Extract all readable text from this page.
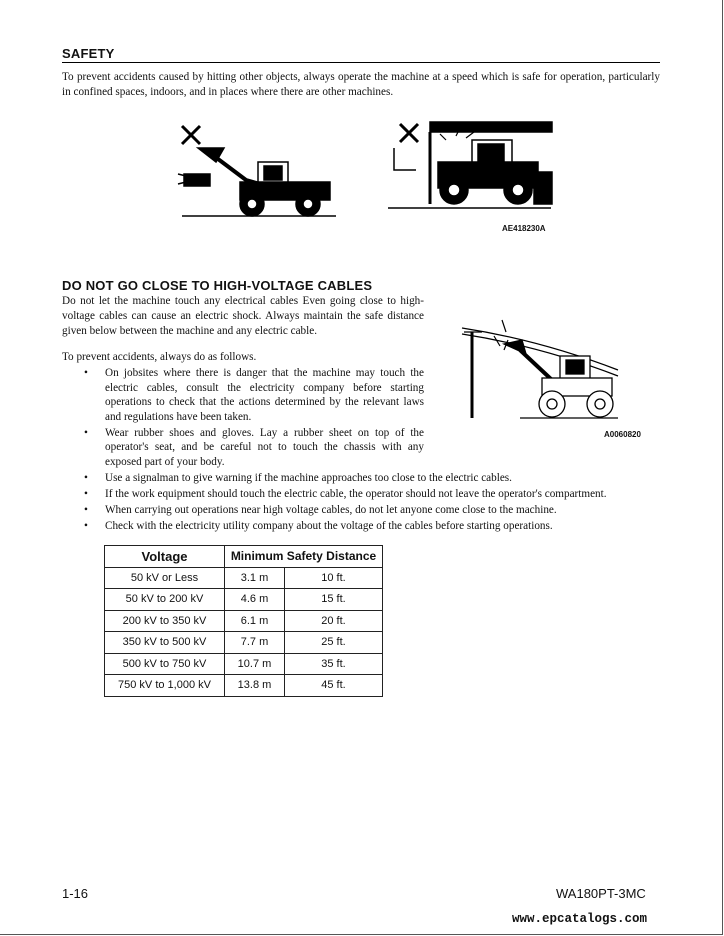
SAFETY

To prevent accidents caused by hitting other objects, always operate the machine at a speed which is safe for operation, particularly in confined spaces, indoors, and in places where there are other machines.

AE418230A
DO NOT GO CLOSE TO HIGH-VOLTAGE CABLES

Do not let the machine touch any electrical cables Even going close to high-voltage cables can cause an electric shock. Always maintain the safe distance given below between the machine and any electric cable.

To prevent accidents, always do as follows.

A0060820
• On jobsites where there is danger that the machine may touch the electric cables, consult the electricity company before starting operations to check that the actions determined by the relevant laws and regulations have been taken.
• Wear rubber shoes and gloves. Lay a rubber sheet on top of the operator's seat, and be careful not to touch the chassis with any exposed part of your body.
• Use a signalman to give warning if the machine approaches too close to the electric cables.
• If the work equipment should touch the electric cable, the operator should not leave the operator's compartment.
• When carrying out operations near high voltage cables, do not let anyone come close to the machine.
• Check with the electricity utility company about the voltage of the cables before starting operations.
Voltage	Minimum Safety Distance	
50 kV or Less	3.1 m	10 ft.
50 kV to 200 kV	4.6 m	15 ft.
200 kV to 350 kV	6.1 m	20 ft.
350 kV to 500 kV	7.7 m	25 ft.
500 kV to 750 kV	10.7 m	35 ft.
750 kV to 1,000 kV	13.8 m	45 ft.
1-16	WA180PT-3MC
www.epcatalogs.com
